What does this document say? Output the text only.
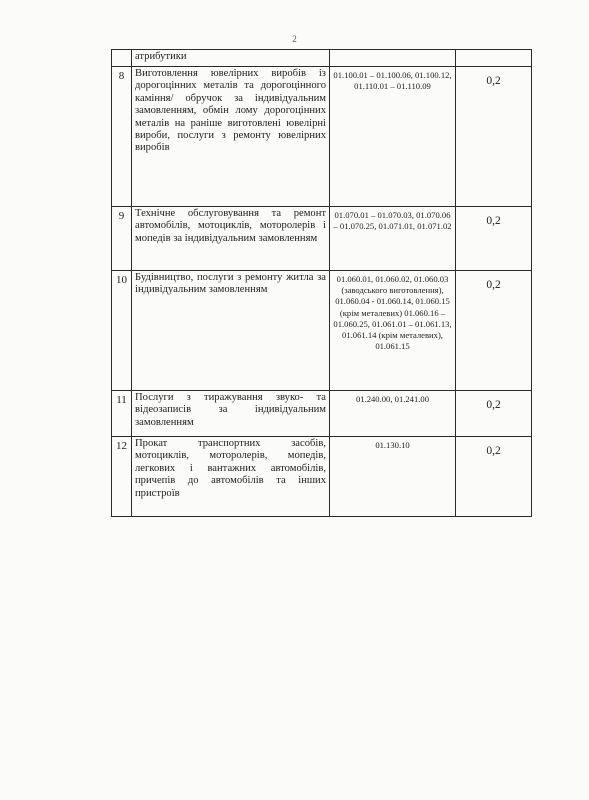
2
	атрибутики		
8	Виготовлення ювелірних виробів із дорогоцінних металів та дорогоцінного каміння/ обручок за індивідуальним замовленням, обмін лому дорогоцінних металів на раніше виготовлені ювелірні вироби, послуги з ремонту ювелірних виробів	01.100.01 – 01.100.06, 01.100.12, 01.110.01 – 01.110.09	0,2
9	Технічне обслуговування та ремонт автомобілів, мотоциклів, моторолерів і мопедів за індивідуальним замовленням	01.070.01 – 01.070.03, 01.070.06 – 01.070.25, 01.071.01, 01.071.02	0,2
10	Будівництво, послуги з ремонту житла за індивідуальним замовленням	01.060.01, 01.060.02, 01.060.03 (заводського виготовлення), 01.060.04 - 01.060.14, 01.060.15 (крім металевих) 01.060.16 – 01.060.25, 01.061.01 – 01.061.13, 01.061.14 (крім металевих), 01.061.15	0,2
11	Послуги з тиражування звуко- та відеозаписів за індивідуальним замовленням	01.240.00, 01.241.00	0,2
12	Прокат транспортних засобів, мотоциклів, моторолерів, мопедів, легкових і вантажних автомобілів, причепів до автомобілів та інших пристроїв	01.130.10	0,2
